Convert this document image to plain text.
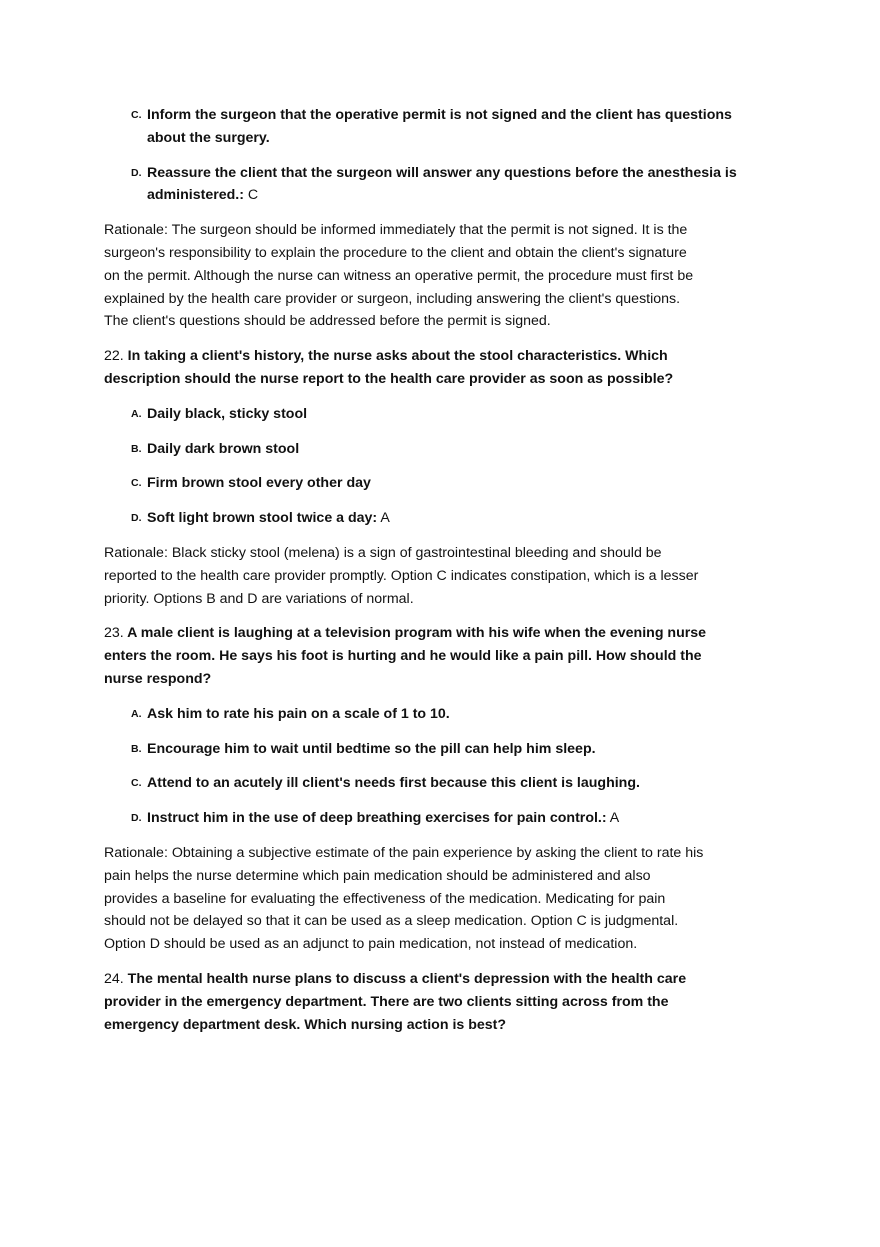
C. Inform the surgeon that the operative permit is not signed and the client has questions
about the surgery.
D. Reassure the client that the surgeon will answer any questions before the anesthesia is
administered.: C
Rationale: The surgeon should be informed immediately that the permit is not signed. It is the
surgeon's responsibility to explain the procedure to the client and obtain the client's signature
on the permit. Although the nurse can witness an operative permit, the procedure must first be
explained by the health care provider or surgeon, including answering the client's questions.
The client's questions should be addressed before the permit is signed.
22. In taking a client's history, the nurse asks about the stool characteristics. Which
description should the nurse report to the health care provider as soon as possible?
A. Daily black, sticky stool
B. Daily dark brown stool
C. Firm brown stool every other day
D. Soft light brown stool twice a day: A
Rationale: Black sticky stool (melena) is a sign of gastrointestinal bleeding and should be
reported to the health care provider promptly. Option C indicates constipation, which is a lesser
priority. Options B and D are variations of normal.
23. A male client is laughing at a television program with his wife when the evening nurse
enters the room. He says his foot is hurting and he would like a pain pill. How should the
nurse respond?
A. Ask him to rate his pain on a scale of 1 to 10.
B. Encourage him to wait until bedtime so the pill can help him sleep.
C. Attend to an acutely ill client's needs first because this client is laughing.
D. Instruct him in the use of deep breathing exercises for pain control.: A
Rationale: Obtaining a subjective estimate of the pain experience by asking the client to rate his
pain helps the nurse determine which pain medication should be administered and also
provides a baseline for evaluating the effectiveness of the medication. Medicating for pain
should not be delayed so that it can be used as a sleep medication. Option C is judgmental.
Option D should be used as an adjunct to pain medication, not instead of medication.
24. The mental health nurse plans to discuss a client's depression with the health care
provider in the emergency department. There are two clients sitting across from the
emergency department desk. Which nursing action is best?
